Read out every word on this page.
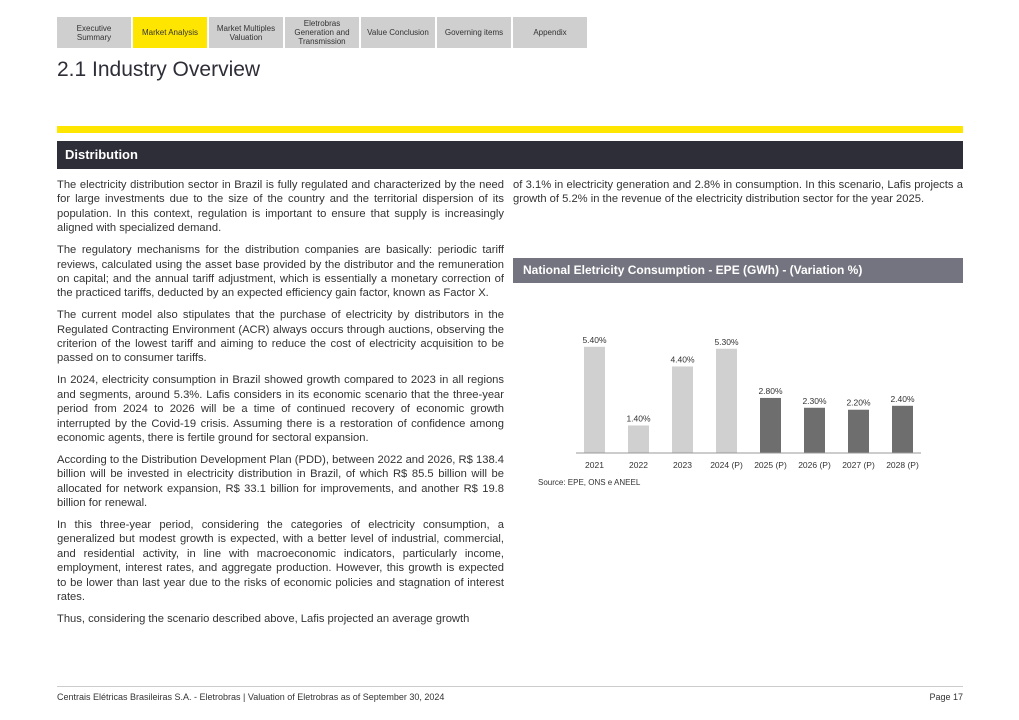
Executive Summary	Market Analysis	Market Multiples Valuation
Eletrobras Generation and Transmission
Value Conclusion	Governing items	Appendix
2.1 Industry Overview
Distribution

The electricity distribution sector in Brazil is fully regulated and characterized by the need for large investments due to the size of the country and the territorial dispersion of its population. In this context, regulation is important to ensure that supply is increasingly aligned with specialized demand.

The regulatory mechanisms for the distribution companies are basically: periodic tariff reviews, calculated using the asset base provided by the distributor and the remuneration on capital; and the annual tariff adjustment, which is essentially a monetary correction of the practiced tariffs, deducted by an expected efficiency gain factor, known as Factor X.

The current model also stipulates that the purchase of electricity by distributors in the Regulated Contracting Environment (ACR) always occurs through auctions, observing the criterion of the lowest tariff and aiming to reduce the cost of electricity acquisition to be passed on to consumer tariffs.

In 2024, electricity consumption in Brazil showed growth compared to 2023 in all regions and segments, around 5.3%. Lafis considers in its economic scenario that the three-year period from 2024 to 2026 will be a time of continued recovery of economic growth interrupted by the Covid-19 crisis. Assuming there is a restoration of confidence among economic agents, there is fertile ground for sectoral expansion.

According to the Distribution Development Plan (PDD), between 2022 and 2026, R$ 138.4 billion will be invested in electricity distribution in Brazil, of which R$ 85.5 billion will be allocated for network expansion, R$ 33.1 billion for improvements, and another R$ 19.8 billion for renewal.

In this three-year period, considering the categories of electricity consumption, a generalized but modest growth is expected, with a better level of industrial, commercial, and residential activity, in line with macroeconomic indicators, particularly income, employment, interest rates, and aggregate production. However, this growth is expected to be lower than last year due to the risks of economic policies and stagnation of interest rates.

Thus, considering the scenario described above, Lafis projected an average growth

of 3.1% in electricity generation and 2.8% in consumption. In this scenario, Lafis projects a growth of 5.2% in the revenue of the electricity distribution sector for the year 2025.
National Eletricity Consumption - EPE (GWh) - (Variation %)
5.40%
2021
1.40%
2022
4.40%
2023
5.30%
2024 (P)
2.80%
2025 (P)
2.30%
2026 (P)
2.20%
2027 (P)
2.40%
2028 (P)
Source: EPE, ONS e ANEEL
Centrais Elétricas Brasileiras S.A. - Eletrobras | Valuation of Eletrobras as of September 30, 2024	Page 17
